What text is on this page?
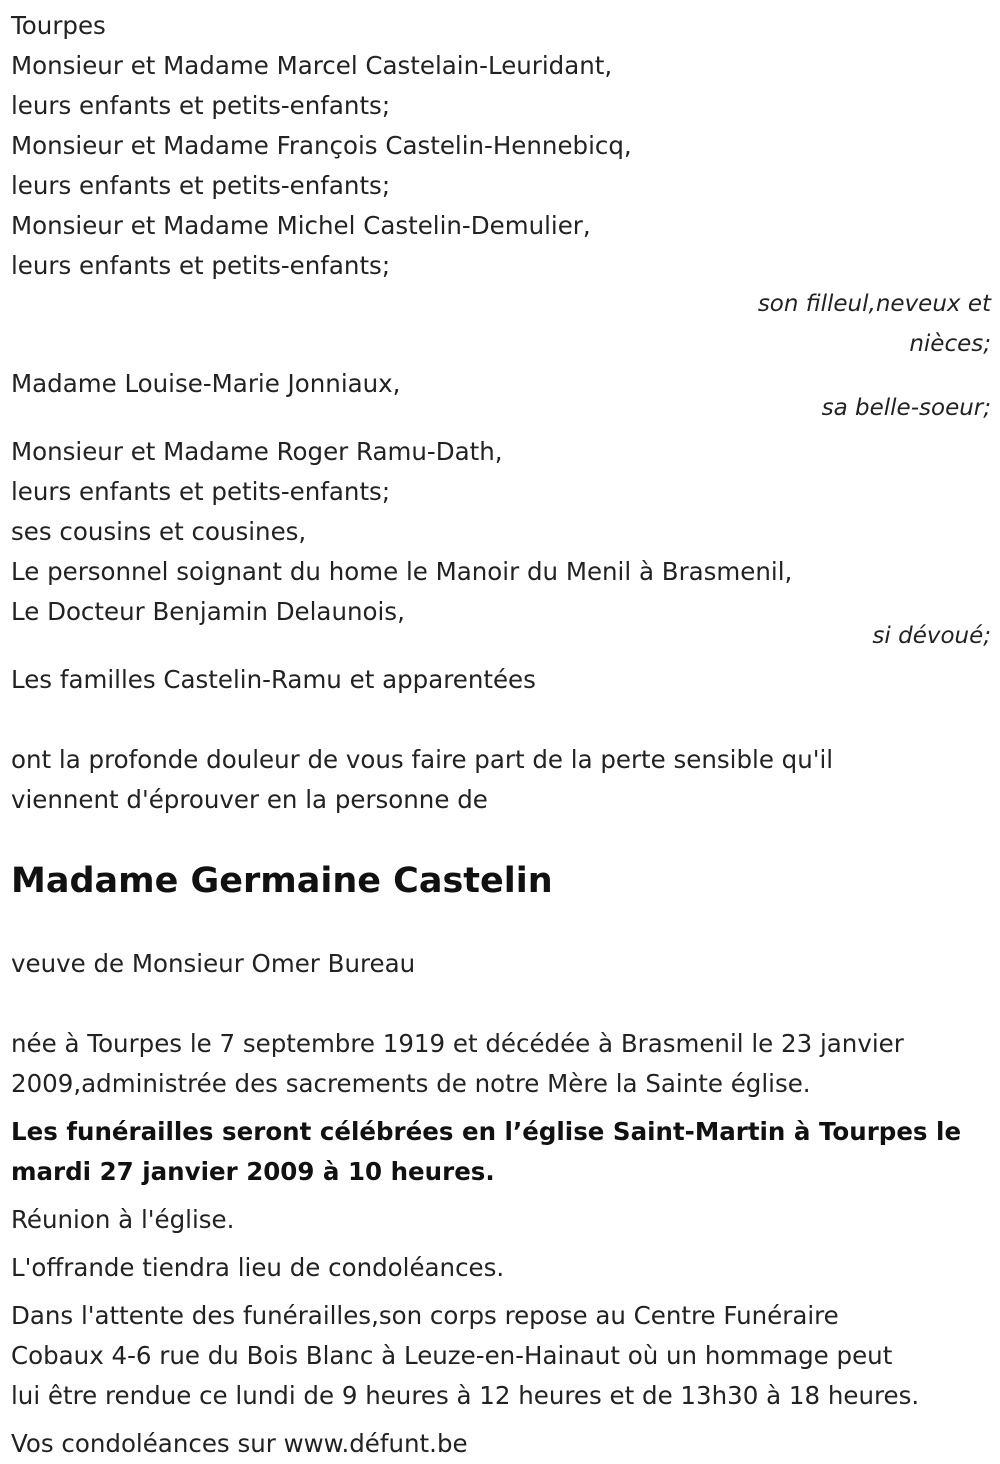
Tourpes

Monsieur et Madame Marcel Castelain-Leuridant,

leurs enfants et petits-enfants;

Monsieur et Madame François Castelin-Hennebicq,

leurs enfants et petits-enfants;

Monsieur et Madame Michel Castelin-Demulier,

leurs enfants et petits-enfants;

son filleul,neveux et

nièces;

Madame Louise-Marie Jonniaux,

sa belle-soeur;

Monsieur et Madame Roger Ramu-Dath,

leurs enfants et petits-enfants;

ses cousins et cousines,

Le personnel soignant du home le Manoir du Menil à Brasmenil,

Le Docteur Benjamin Delaunois,

si dévoué;

Les familles Castelin-Ramu et apparentées

ont la profonde douleur de vous faire part de la perte sensible qu'il

viennent d'éprouver en la personne de

Madame Germaine Castelin

veuve de Monsieur Omer Bureau

née à Tourpes le 7 septembre 1919 et décédée à Brasmenil le 23 janvier

2009,administrée des sacrements de notre Mère la Sainte église.

Les funérailles seront célébrées en l’église Saint-Martin à Tourpes le

mardi 27 janvier 2009 à 10 heures.

Réunion à l'église.

L'offrande tiendra lieu de condoléances.

Dans l'attente des funérailles,son corps repose au Centre Funéraire

Cobaux 4-6 rue du Bois Blanc à Leuze-en-Hainaut où un hommage peut

lui être rendue ce lundi de 9 heures à 12 heures et de 13h30 à 18 heures.

Vos condoléances sur www.défunt.be
